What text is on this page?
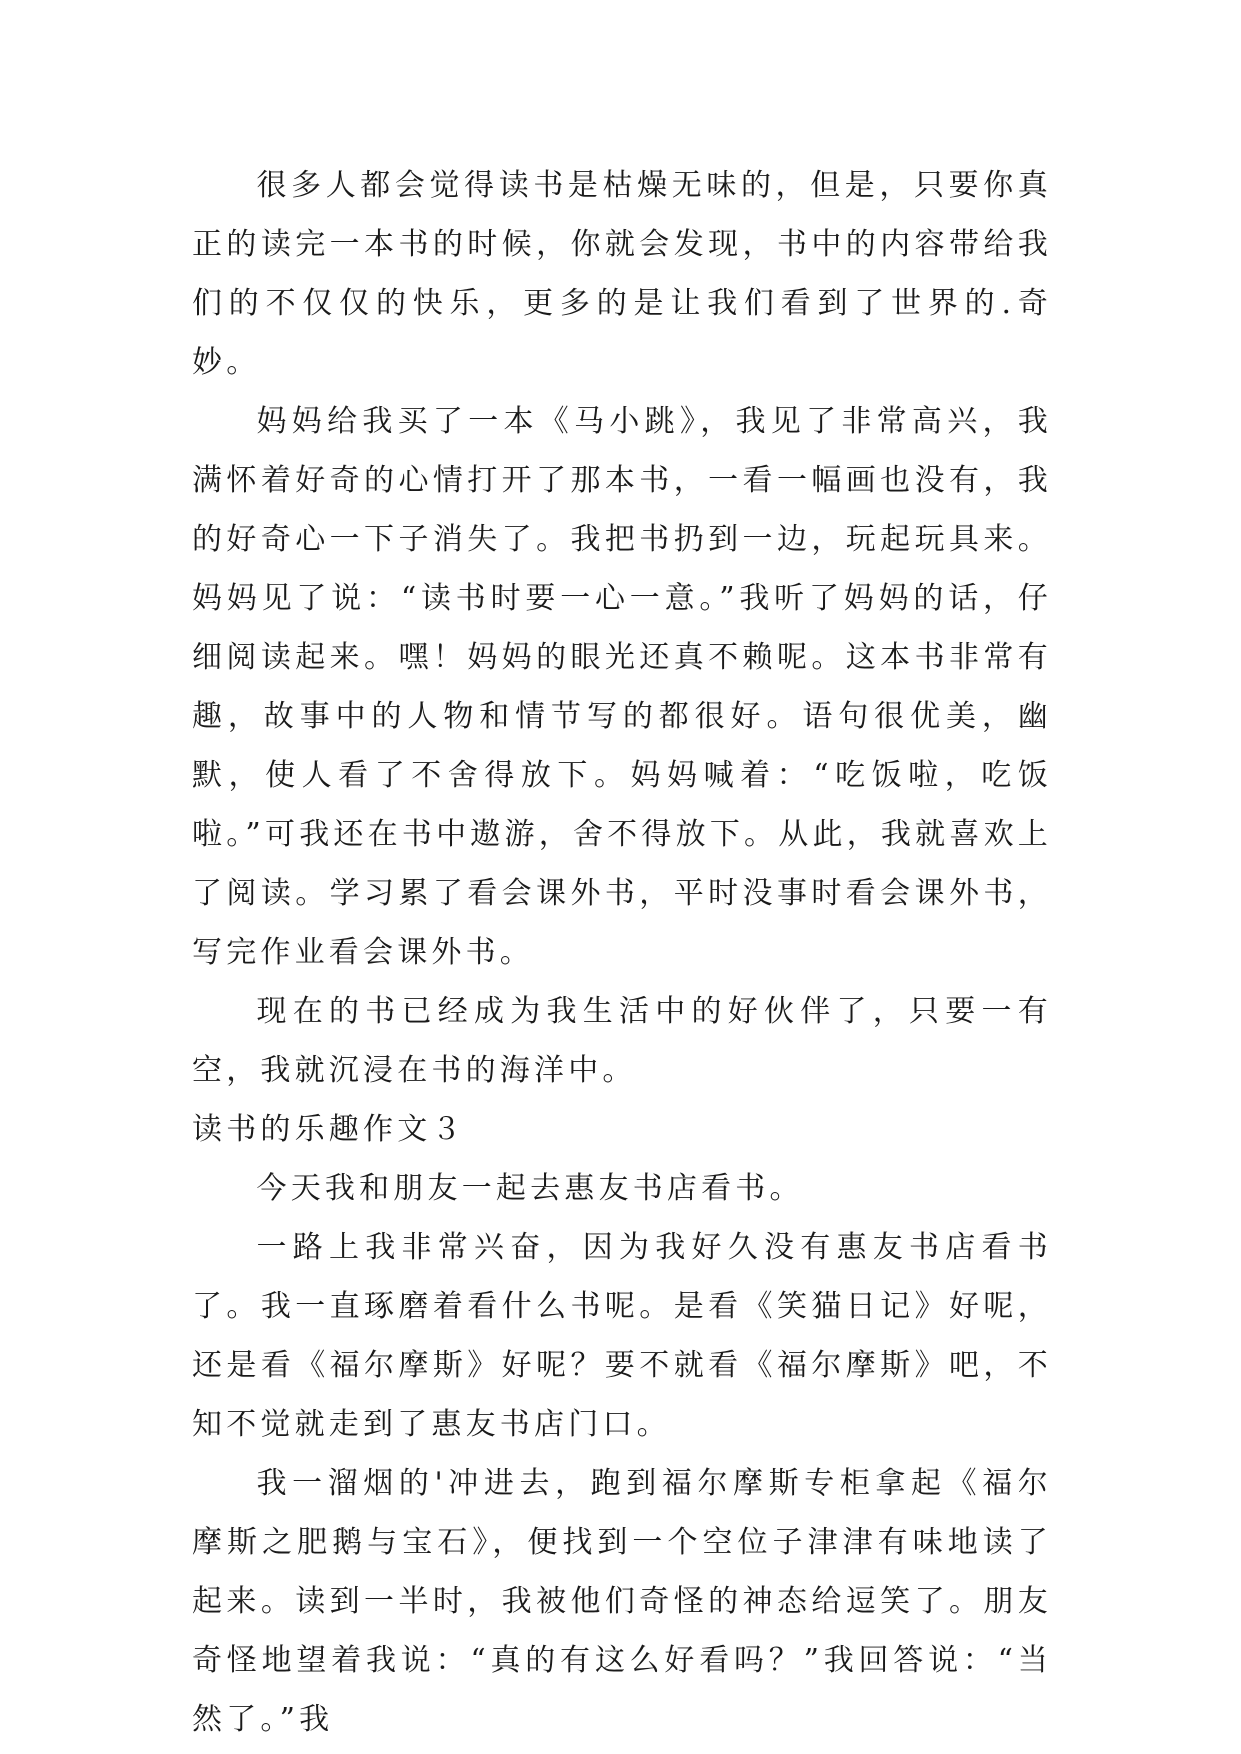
很多人都会觉得读书是枯燥无味的，但是，只要你真正的读完一本书的时候，你就会发现，书中的内容带给我们的不仅仅的快乐，更多的是让我们看到了世界的.奇妙。

妈妈给我买了一本《马小跳》，我见了非常高兴，我满怀着好奇的心情打开了那本书，一看一幅画也没有，我的好奇心一下子消失了。我把书扔到一边，玩起玩具来。妈妈见了说：“读书时要一心一意。”我听了妈妈的话，仔细阅读起来。嘿！妈妈的眼光还真不赖呢。这本书非常有趣，故事中的人物和情节写的都很好。语句很优美，幽默，使人看了不舍得放下。妈妈喊着：“吃饭啦，吃饭啦。”可我还在书中遨游，舍不得放下。从此，我就喜欢上了阅读。学习累了看会课外书，平时没事时看会课外书，写完作业看会课外书。

现在的书已经成为我生活中的好伙伴了，只要一有空，我就沉浸在书的海洋中。

读书的乐趣作文３

今天我和朋友一起去惠友书店看书。

一路上我非常兴奋，因为我好久没有惠友书店看书了。我一直琢磨着看什么书呢。是看《笑猫日记》好呢，还是看《福尔摩斯》好呢？要不就看《福尔摩斯》吧，不知不觉就走到了惠友书店门口。

我一溜烟的'冲进去，跑到福尔摩斯专柜拿起《福尔摩斯之肥鹅与宝石》，便找到一个空位子津津有味地读了起来。读到一半时，我被他们奇怪的神态给逗笑了。朋友奇怪地望着我说：“真的有这么好看吗？”我回答说：“当然了。”我
